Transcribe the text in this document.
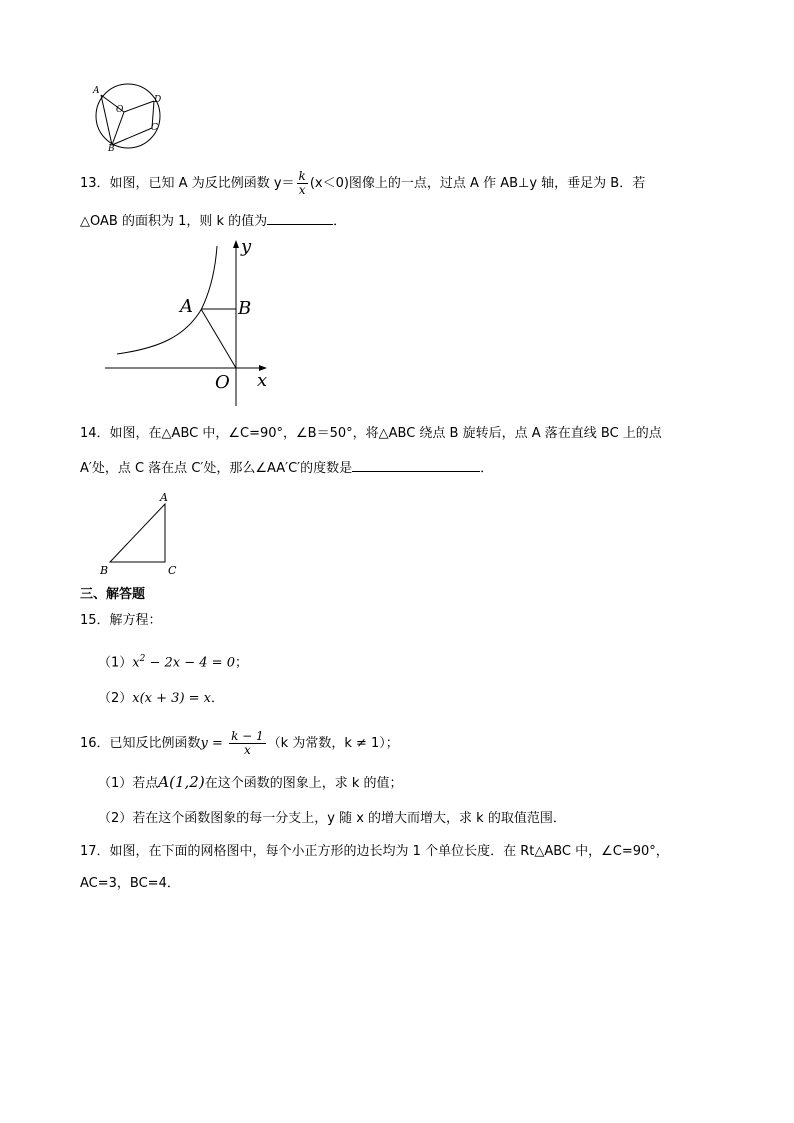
A
O
D
C
B
13．如图，已知 A 为反比例函数 $y= \frac{k}{x} (x<0)$图像上的一点，过点 A 作 AB⊥y 轴，垂足为 B．若
△OAB 的面积为 1，则 k 的值为	．
y
A	B
O x
14．如图，在△ABC 中，∠C=90°，∠B＝50°，将△ABC 绕点 B 旋转后，点 A 落在直线 BC 上的点
A′处，点 C 落在点 C′处，那么∠AA′C′的度数是	．
A
B	C
三、解答题
15．解方程：
$(1)x^2 - 2x - 4 = 0$；
（2）x(x + 3) = x．
16．已知反比例函数$y = \frac{k - 1}{x} (k$ 为常数，k ≠ 1）；
（1）若点A(1,2)在这个函数的图象上，求 k 的值；
（2）若在这个函数图象的每一分支上，y 随 x 的增大而增大，求 k 的取值范围．
17．如图，在下面的网格图中，每个小正方形的边长均为 1 个单位长度．在 Rt△ABC 中，∠C=90°，
AC=3，BC=4．
